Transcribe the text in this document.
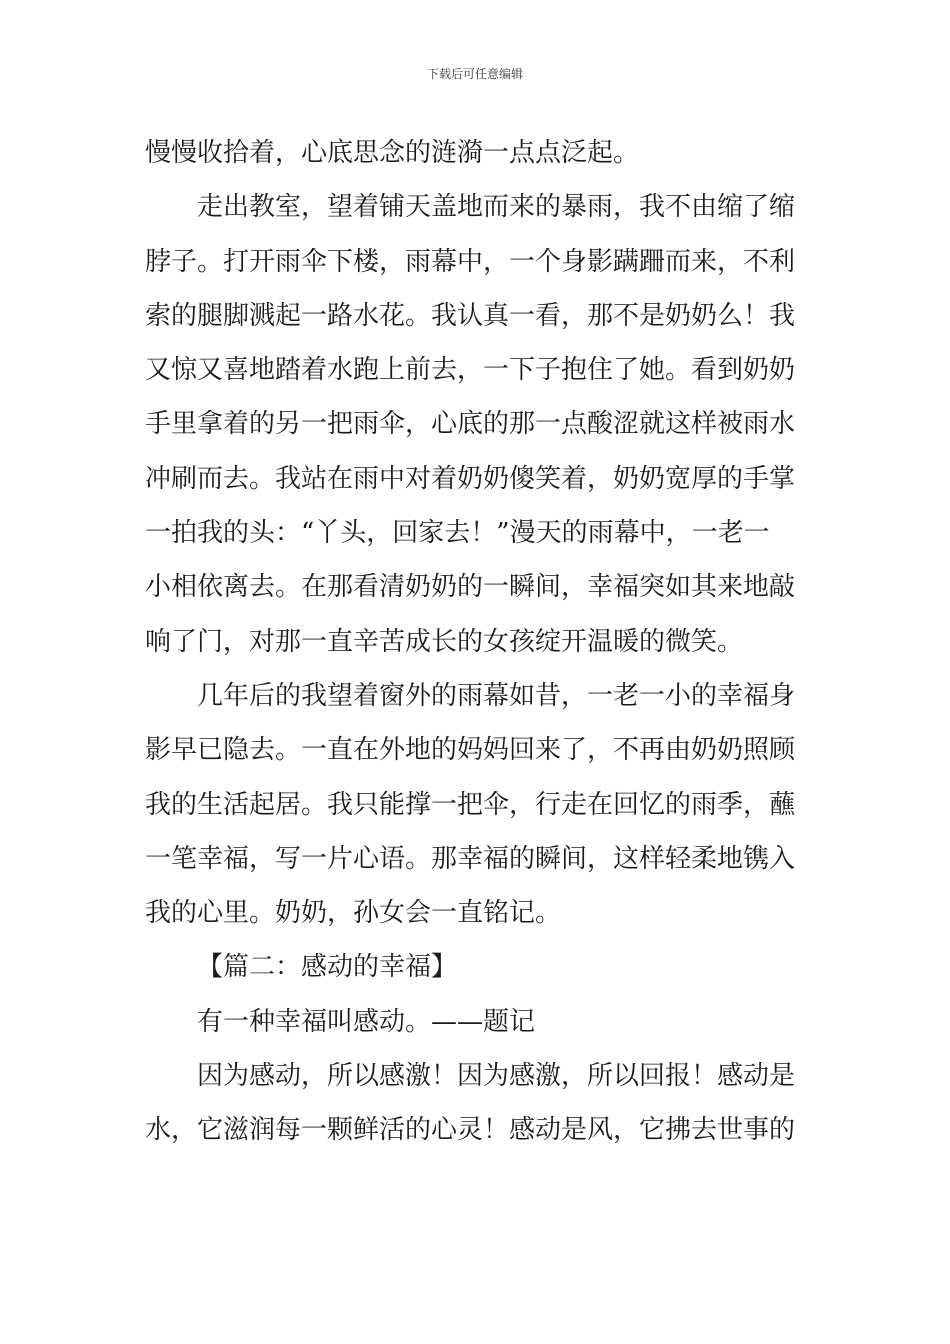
下载后可任意编辑
慢慢收拾着，心底思念的涟漪一点点泛起。
走出教室，望着铺天盖地而来的暴雨，我不由缩了缩
脖子。打开雨伞下楼，雨幕中，一个身影蹒跚而来，不利
索的腿脚溅起一路水花。我认真一看，那不是奶奶么！我
又惊又喜地踏着水跑上前去，一下子抱住了她。看到奶奶
手里拿着的另一把雨伞，心底的那一点酸涩就这样被雨水
冲刷而去。我站在雨中对着奶奶傻笑着，奶奶宽厚的手掌
一拍我的头：“丫头，回家去！”漫天的雨幕中，一老一
小相依离去。在那看清奶奶的一瞬间，幸福突如其来地敲
响了门，对那一直辛苦成长的女孩绽开温暖的微笑。
几年后的我望着窗外的雨幕如昔，一老一小的幸福身
影早已隐去。一直在外地的妈妈回来了，不再由奶奶照顾
我的生活起居。我只能撑一把伞，行走在回忆的雨季，蘸
一笔幸福，写一片心语。那幸福的瞬间，这样轻柔地镌入
我的心里。奶奶，孙女会一直铭记。
【篇二：感动的幸福】
有一种幸福叫感动。——题记
因为感动，所以感激！因为感激，所以回报！感动是
水，它滋润每一颗鲜活的心灵！感动是风，它拂去世事的
